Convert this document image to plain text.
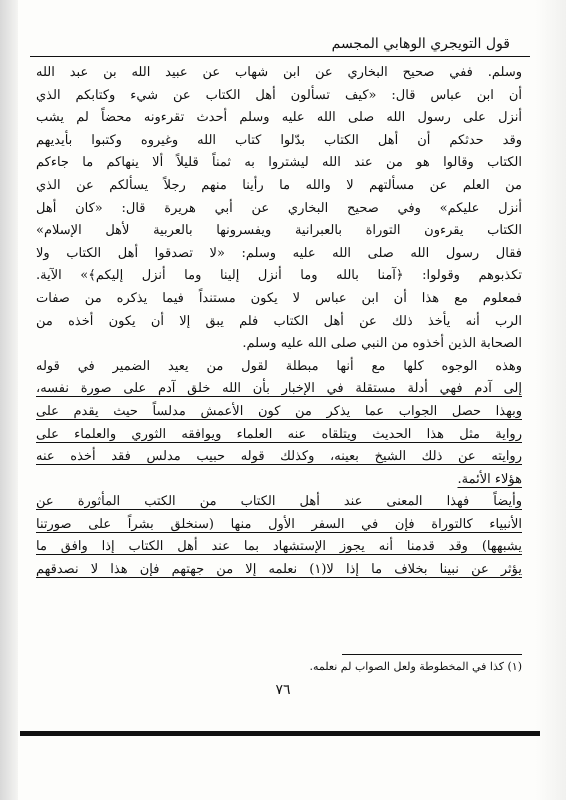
قول التويجري الوهابي المجسم
وسلم. ففي صحيح البخاري عن ابن شهاب عن عبيد الله بن عبد الله
أن ابن عباس قال: «كيف تسألون أهل الكتاب عن شيء وكتابكم الذي
أنزل على رسول الله صلى الله عليه وسلم أحدث تقرءونه محضاً لم يشب
وقد حدثكم أن أهل الكتاب بدّلوا كتاب الله وغيروه وكتبوا بأيديهم
الكتاب وقالوا هو من عند الله ليشتروا به ثمناً قليلاً ألا ينهاكم ما جاءكم
من العلم عن مسألتهم لا والله ما رأينا منهم رجلاً يسألكم عن الذي
أنزل عليكم» وفي صحيح البخاري عن أبي هريرة قال: «كان أهل
الكتاب يقرءون التوراة بالعبرانية ويفسرونها بالعربية لأهل الإسلام»
فقال رسول الله صلى الله عليه وسلم: «لا تصدقوا أهل الكتاب ولا
تكذبوهم وقولوا: ﴿آمنا بالله وما أنزل إلينا وما أنزل إليكم﴾» الآية.
فمعلوم مع هذا أن ابن عباس لا يكون مستنداً فيما يذكره من صفات
الرب أنه يأخذ ذلك عن أهل الكتاب فلم يبق إلا أن يكون أخذه من
الصحابة الذين أخذوه من النبي صلى الله عليه وسلم.
وهذه الوجوه كلها مع أنها مبطلة لقول من يعيد الضمير في قوله
إلى آدم فهي أدلة مستقلة في الإخبار بأن الله خلق آدم على صورة نفسه،
وبهذا حصل الجواب عما يذكر من كون الأعمش مدلساً حيث يقدم على
رواية مثل هذا الحديث ويتلقاه عنه العلماء ويوافقه الثوري والعلماء على
روايته عن ذلك الشيخ بعينه، وكذلك قوله حبيب مدلس فقد أخذه عنه
هؤلاء الأئمة.
وأيضاً فهذا المعنى عند أهل الكتاب من الكتب المأثورة عن
الأنبياء كالتوراة فإن في السفر الأول منها (سنخلق بشراً على صورتنا
يشبهها) وقد قدمنا أنه يجوز الإستشهاد بما عند أهل الكتاب إذا وافق ما
يؤثر عن نبينا بخلاف ما إذا لا(١) نعلمه إلا من جهتهم فإن هذا لا نصدقهم
(١) كذا في المخطوطة ولعل الصواب لم نعلمه.
٧٦
